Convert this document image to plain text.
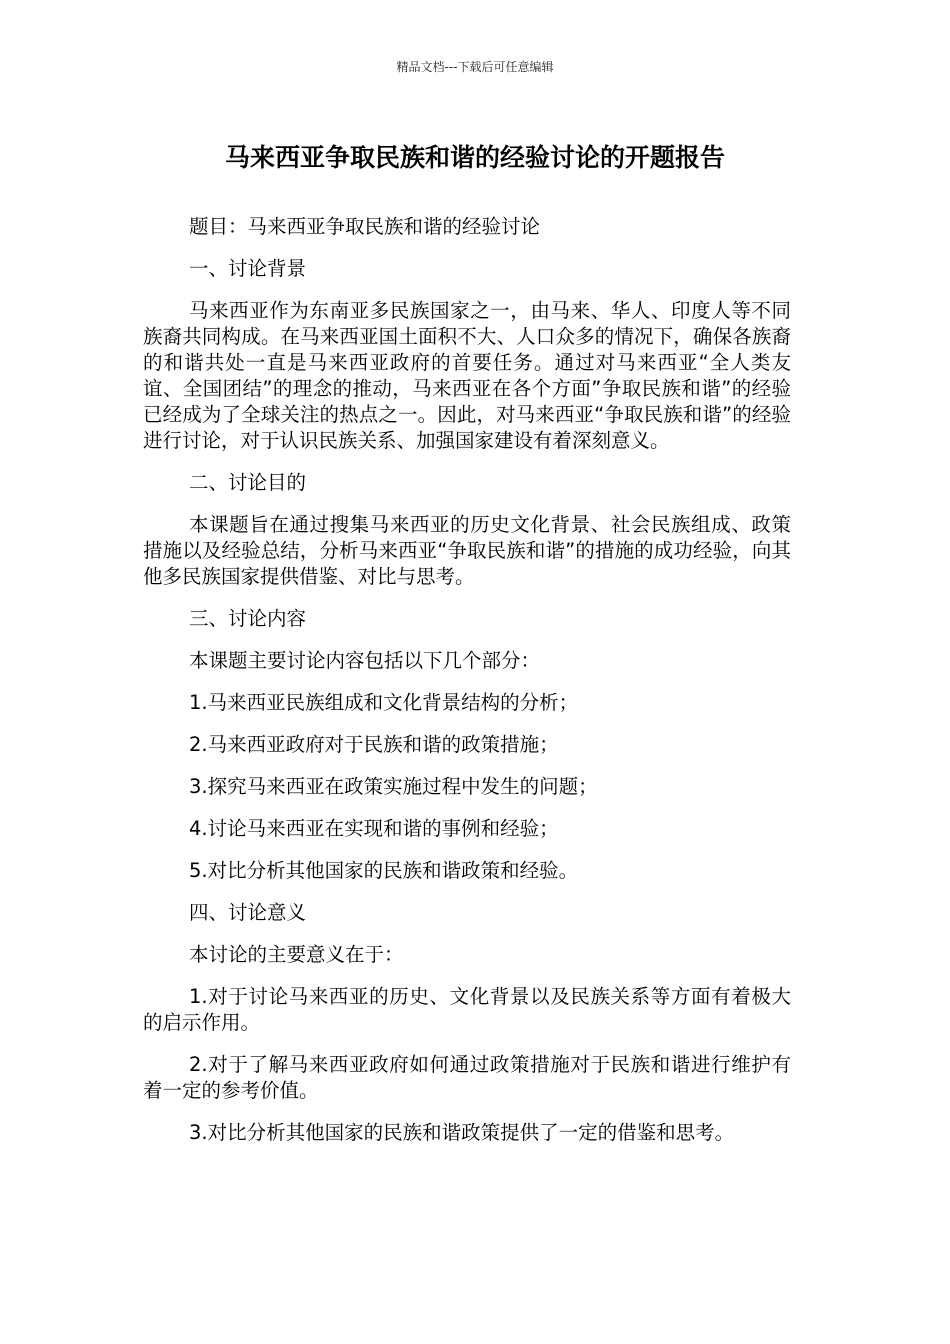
精品文档---下载后可任意编辑
马来西亚争取民族和谐的经验讨论的开题报告

题目：马来西亚争取民族和谐的经验讨论

一、讨论背景

马来西亚作为东南亚多民族国家之一，由马来、华人、印度人等不同族裔共同构成。在马来西亚国土面积不大、人口众多的情况下，确保各族裔的和谐共处一直是马来西亚政府的首要任务。通过对马来西亚“全人类友谊、全国团结”的理念的推动，马来西亚在各个方面”争取民族和谐”的经验已经成为了全球关注的热点之一。因此，对马来西亚“争取民族和谐”的经验进行讨论，对于认识民族关系、加强国家建设有着深刻意义。

二、讨论目的

本课题旨在通过搜集马来西亚的历史文化背景、社会民族组成、政策措施以及经验总结，分析马来西亚“争取民族和谐”的措施的成功经验，向其他多民族国家提供借鉴、对比与思考。

三、讨论内容

本课题主要讨论内容包括以下几个部分：

1.马来西亚民族组成和文化背景结构的分析；

2.马来西亚政府对于民族和谐的政策措施；

3.探究马来西亚在政策实施过程中发生的问题；

4.讨论马来西亚在实现和谐的事例和经验；

5.对比分析其他国家的民族和谐政策和经验。

四、讨论意义

本讨论的主要意义在于：

1.对于讨论马来西亚的历史、文化背景以及民族关系等方面有着极大的启示作用。

2.对于了解马来西亚政府如何通过政策措施对于民族和谐进行维护有着一定的参考价值。

3.对比分析其他国家的民族和谐政策提供了一定的借鉴和思考。
